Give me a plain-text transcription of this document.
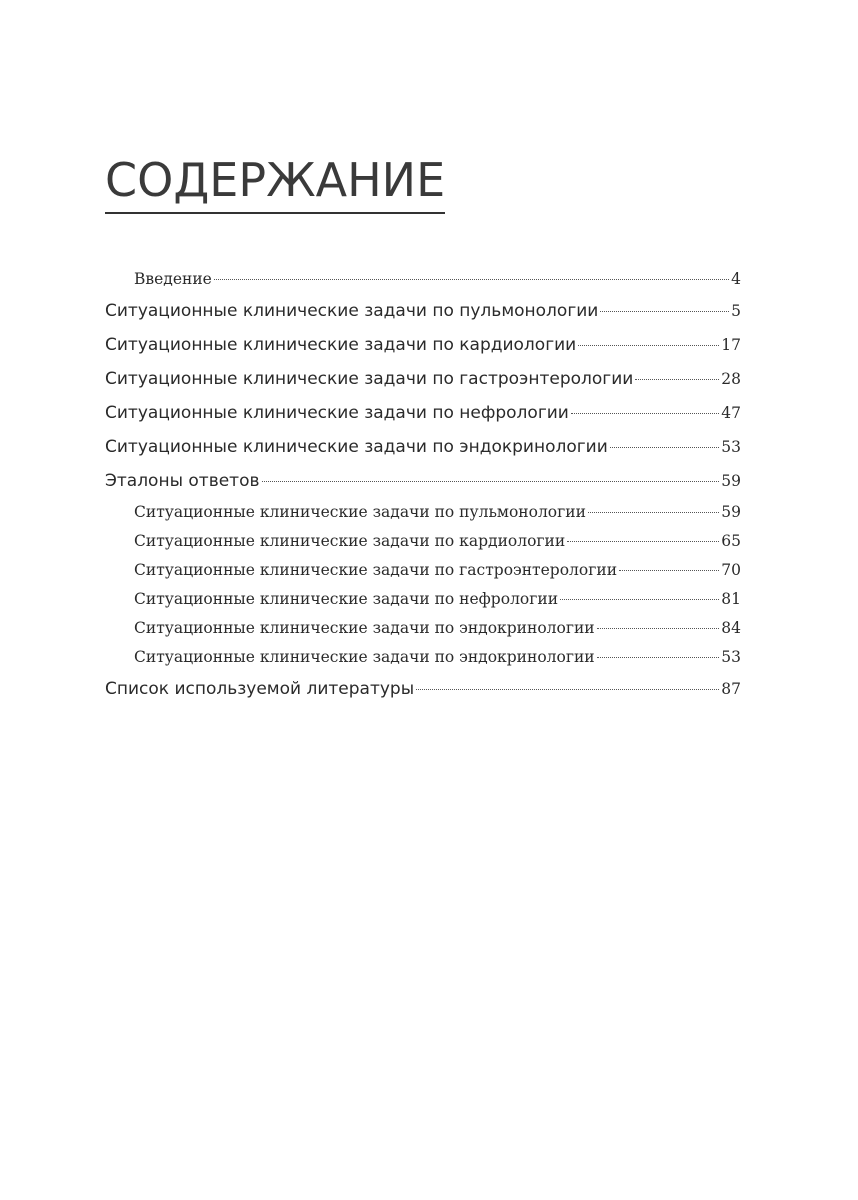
СОДЕРЖАНИЕ
Введение	4
Ситуационные клинические задачи по пульмонологии	5
Ситуационные клинические задачи по кардиологии	17
Ситуационные клинические задачи по гастроэнтерологии	28
Ситуационные клинические задачи по нефрологии	47
Ситуационные клинические задачи по эндокринологии	53
Эталоны ответов	59
Ситуационные клинические задачи по пульмонологии	59
Ситуационные клинические задачи по кардиологии	65
Ситуационные клинические задачи по гастроэнтерологии	70
Ситуационные клинические задачи по нефрологии	81
Ситуационные клинические задачи по эндокринологии	84
Ситуационные клинические задачи по эндокринологии	53
Список используемой литературы	87
